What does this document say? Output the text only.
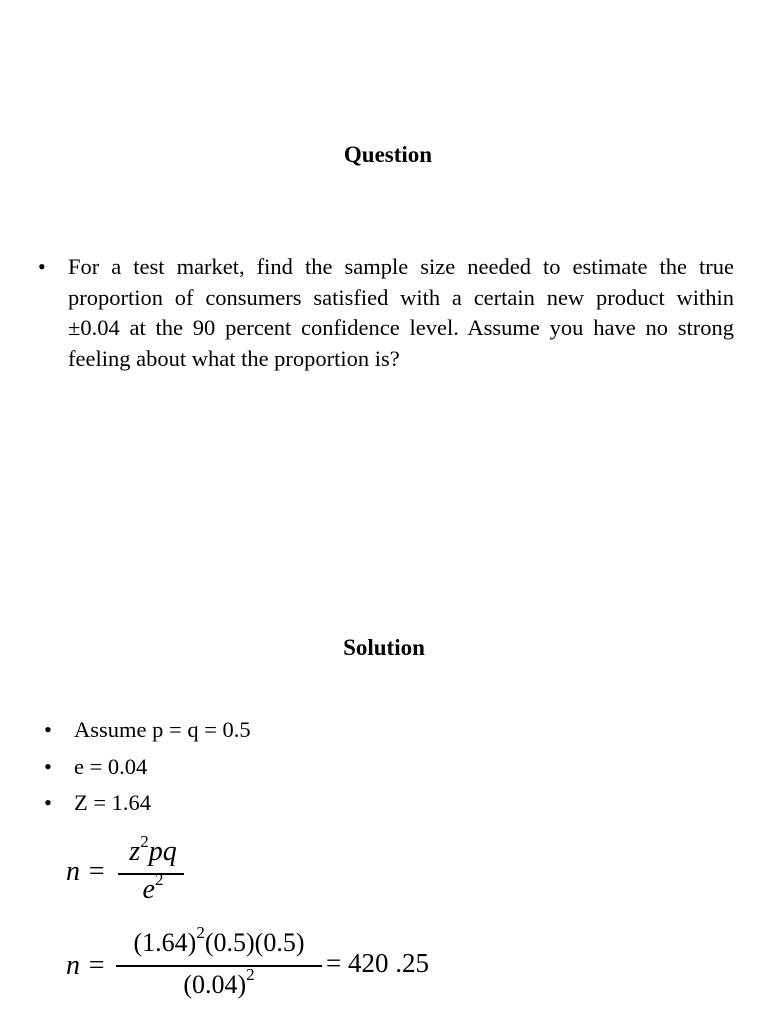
Question
• For a test market, find the sample size needed to estimate the true proportion of consumers satisfied with a certain new product within ±0.04 at the 90 percent confidence level. Assume you have no strong feeling about what the proportion is?
Solution
• Assume p = q = 0.5
• e = 0.04
• Z = 1.64
n =
$z^2pq$
$e^2$
n =
$(1.64)^2(0.5)(0.5)$
$(0.04)^2$	= 420 .25
